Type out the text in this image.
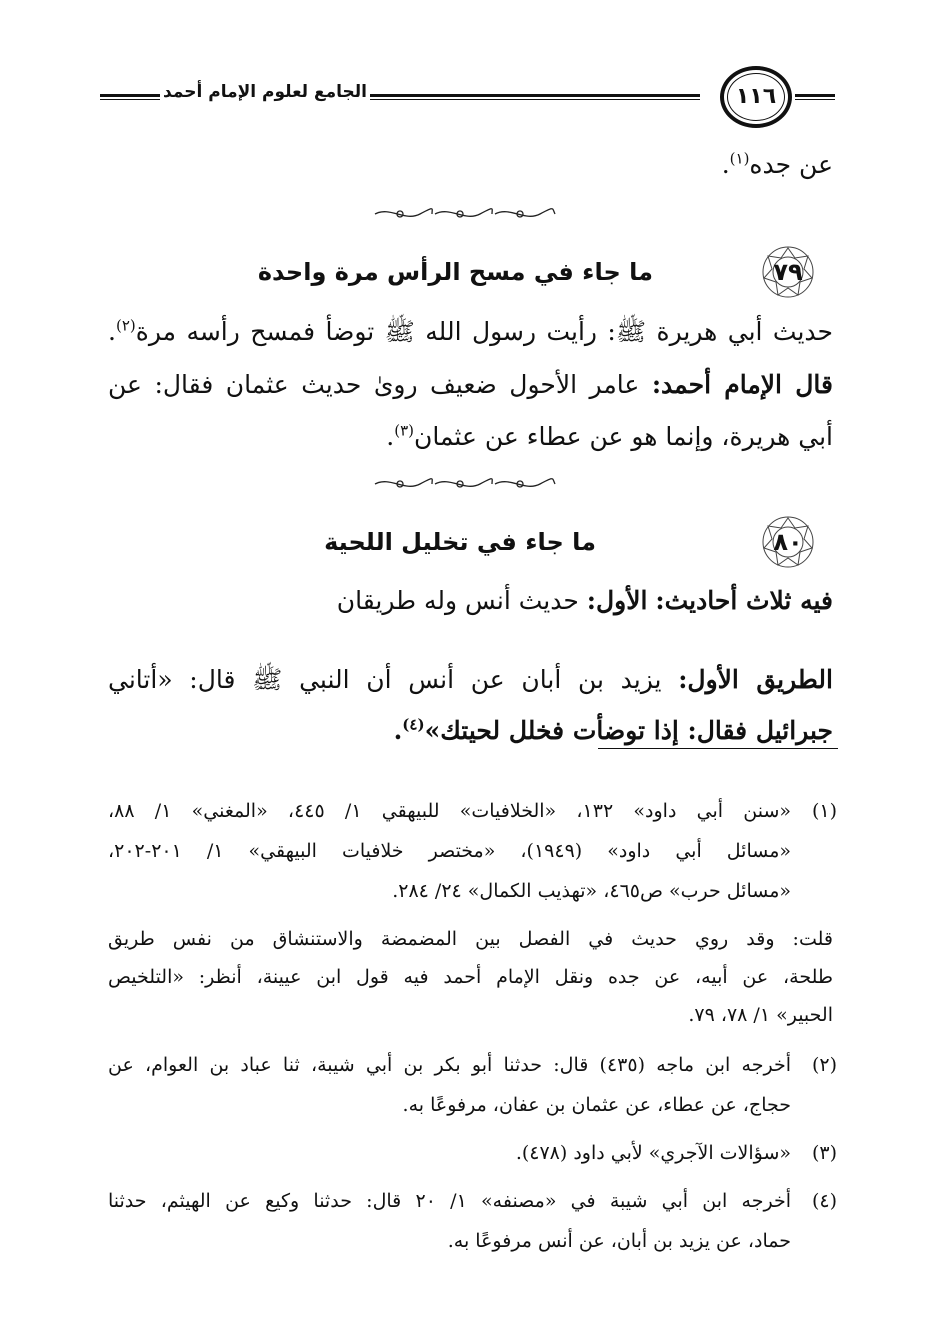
الجامع لعلوم الإمام أحمد	١١٦
عن جده$^{(١)}$.
٧٩
ما جاء في مسح الرأس مرة واحدة
حديث أبي هريرة ﷺ: رأيت رسول الله ﷺ توضأ فمسح رأسه مرة$^{(٢)}$.
قال الإمام أحمد: عامر الأحول ضعيف روىٰ حديث عثمان فقال: عن
أبي هريرة، وإنما هو عن عطاء عن عثمان$^{(٣)}$.
٨٠
ما جاء في تخليل اللحية
فيه ثلاث أحاديث: الأول: حديث أنس وله طريقان
الطريق الأول: يزيد بن أبان عن أنس أن النبي ﷺ قال: «أتاني
جبرائيل فقال: إذا توضأت فخلل لحيتك»$^{(٤)}$.
(١)
«سنن أبي داود» ١٣٢، «الخلافيات» للبيهقي ١/ ٤٤٥، «المغني» ١/ ٨٨،
«مسائل أبي داود» (١٩٤٩)، «مختصر خلافيات البيهقي» ١/ ٢٠١-٢٠٢،
«مسائل حرب» ص٤٦٥، «تهذيب الكمال» ٢٤/ ٢٨٤.
قلت: وقد روي حديث في الفصل بين المضمضة والاستنشاق من نفس طريق
طلحة، عن أبيه، عن جده ونقل الإمام أحمد فيه قول ابن عيينة، أنظر: «التلخيص
الحبير» ١/ ٧٨، ٧٩.
(٢)
أخرجه ابن ماجه (٤٣٥) قال: حدثنا أبو بكر بن أبي شيبة، ثنا عباد بن العوام، عن
حجاج، عن عطاء، عن عثمان بن عفان، مرفوعًا به.
(٣)
«سؤالات الآجري» لأبي داود (٤٧٨).
(٤)
أخرجه ابن أبي شيبة في «مصنفه» ١/ ٢٠ قال: حدثنا وكيع عن الهيثم، حدثنا
حماد، عن يزيد بن أبان، عن أنس مرفوعًا به.
